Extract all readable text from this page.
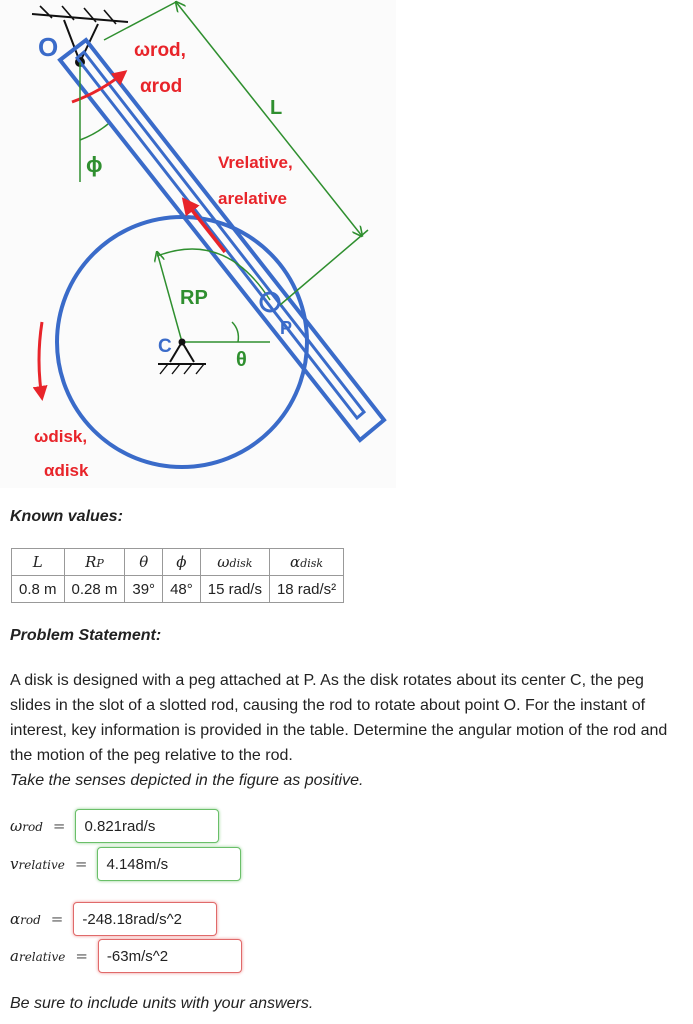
O	ωrod,
αrod
L
ϕ	Vrelative,
arelative
RP
C
θ
P
ωdisk,
αdisk
Known values:
L	RP	θ	ϕ	ωdisk	αdisk
0.8 m	0.28 m	39°	48°	15 rad/s	18 rad/s²
Problem Statement:
A disk is designed with a peg attached at P. As the disk rotates about its center C, the peg slides in the slot of a slotted rod, causing the rod to rotate about point O. For the instant of interest, key information is provided in the table. Determine the angular motion of the rod and the motion of the peg relative to the rod.
Take the senses depicted in the figure as positive.
ωrod =	0.821rad/s
vrelative =	4.148m/s
αrod =	-248.18rad/s^2
arelative =	-63m/s^2
Be sure to include units with your answers.
